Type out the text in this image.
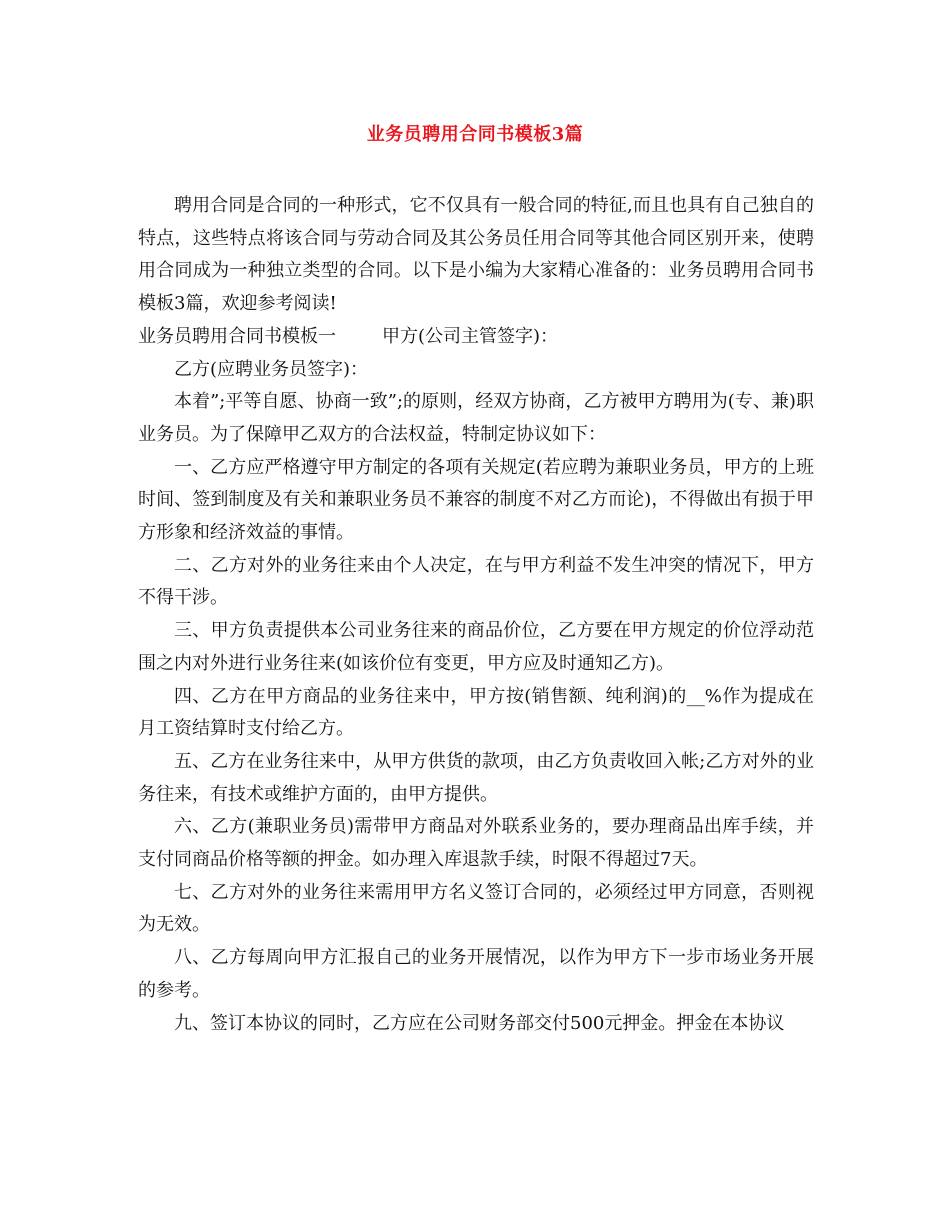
业务员聘用合同书模板3篇

聘用合同是合同的一种形式，它不仅具有一般合同的特征,而且也具有自己独自的特点，这些特点将该合同与劳动合同及其公务员任用合同等其他合同区别开来，使聘用合同成为一种独立类型的合同。以下是小编为大家精心准备的：业务员聘用合同书模板3篇，欢迎参考阅读!

业务员聘用合同书模板一	甲方(公司主管签字)：

乙方(应聘业务员签字)：

本着”;平等自愿、协商一致”;的原则，经双方协商，乙方被甲方聘用为(专、兼)职业务员。为了保障甲乙双方的合法权益，特制定协议如下：

一、乙方应严格遵守甲方制定的各项有关规定(若应聘为兼职业务员，甲方的上班时间、签到制度及有关和兼职业务员不兼容的制度不对乙方而论)，不得做出有损于甲方形象和经济效益的事情。

二、乙方对外的业务往来由个人决定，在与甲方利益不发生冲突的情况下，甲方不得干涉。

三、甲方负责提供本公司业务往来的商品价位，乙方要在甲方规定的价位浮动范围之内对外进行业务往来(如该价位有变更，甲方应及时通知乙方)。

四、乙方在甲方商品的业务往来中，甲方按(销售额、纯利润)的__%作为提成在月工资结算时支付给乙方。

五、乙方在业务往来中，从甲方供货的款项，由乙方负责收回入帐;乙方对外的业务往来，有技术或维护方面的，由甲方提供。

六、乙方(兼职业务员)需带甲方商品对外联系业务的，要办理商品出库手续，并支付同商品价格等额的押金。如办理入库退款手续，时限不得超过7天。

七、乙方对外的业务往来需用甲方名义签订合同的，必须经过甲方同意，否则视为无效。

八、乙方每周向甲方汇报自己的业务开展情况，以作为甲方下一步市场业务开展的参考。

九、签订本协议的同时，乙方应在公司财务部交付500元押金。押金在本协议
